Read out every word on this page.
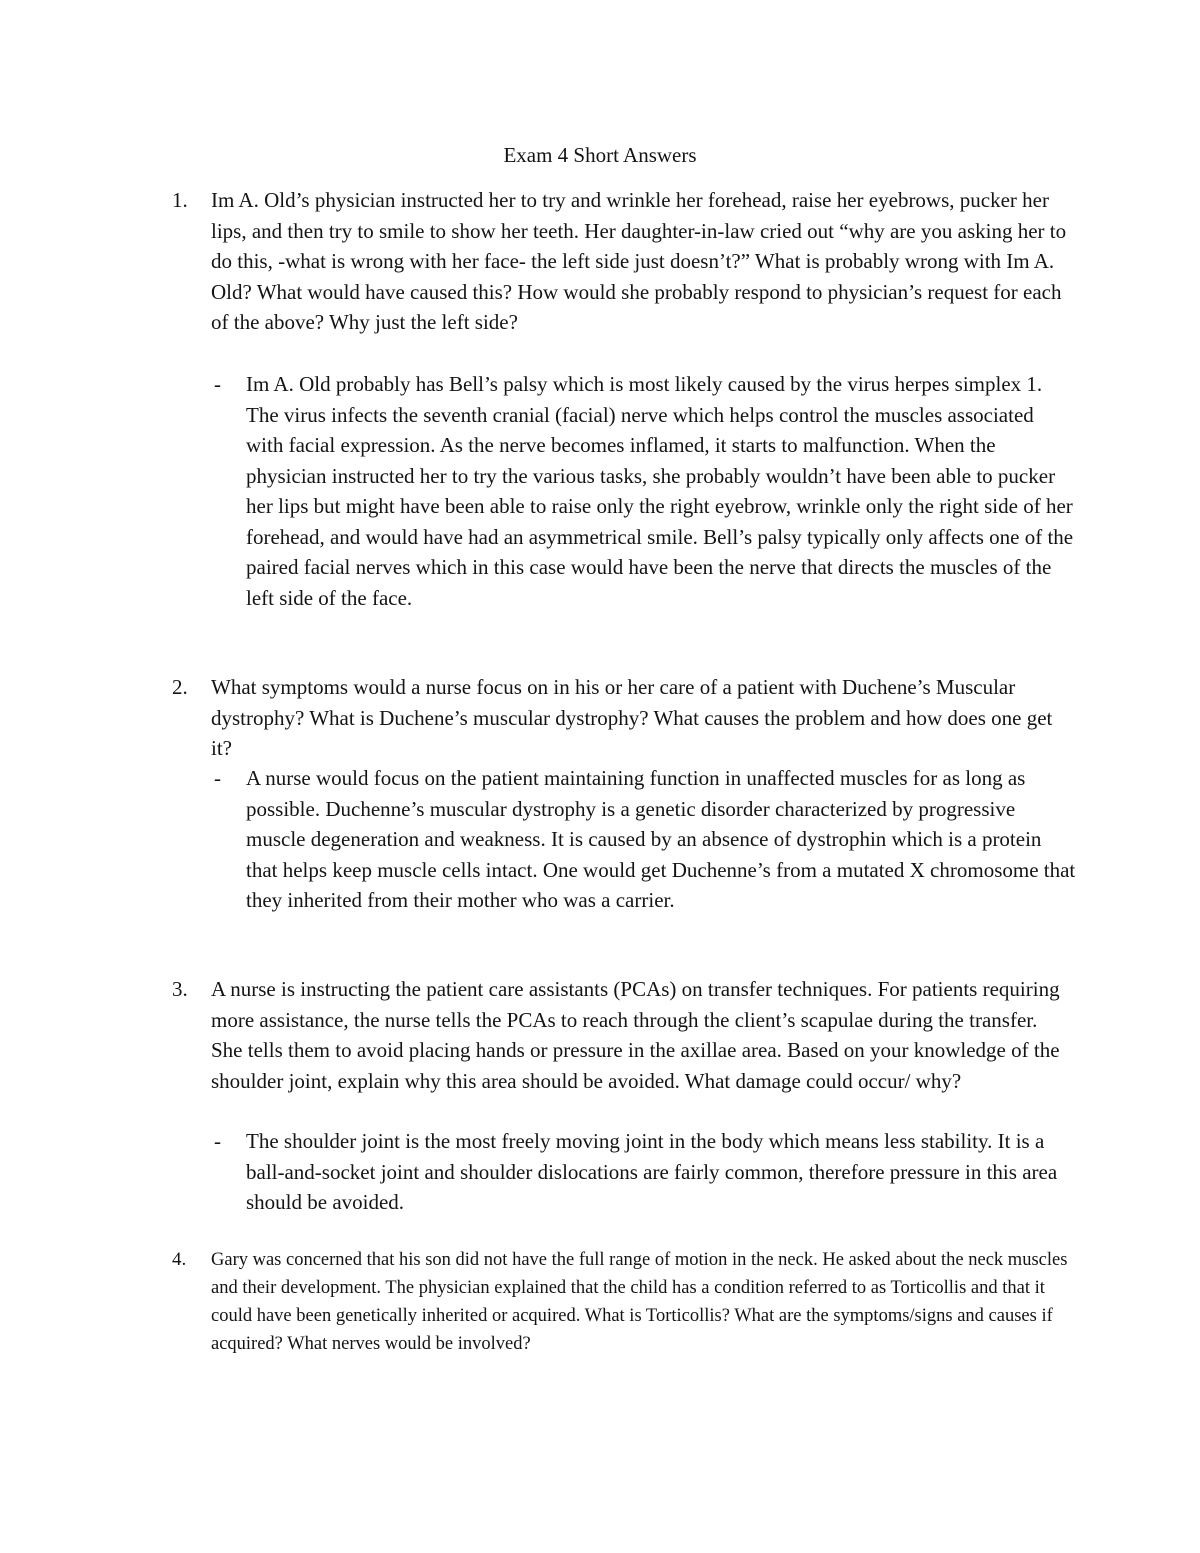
Exam 4 Short Answers
1.	Im A. Old’s physician instructed her to try and wrinkle her forehead, raise her eyebrows, pucker her lips, and then try to smile to show her teeth. Her daughter-in-law cried out “why are you asking her to do this, -what is wrong with her face- the left side just doesn’t?” What is probably wrong with Im A. Old? What would have caused this? How would she probably respond to physician’s request for each of the above? Why just the left side?
-	Im A. Old probably has Bell’s palsy which is most likely caused by the virus herpes simplex 1. The virus infects the seventh cranial (facial) nerve which helps control the muscles associated with facial expression. As the nerve becomes inflamed, it starts to malfunction. When the physician instructed her to try the various tasks, she probably wouldn’t have been able to pucker her lips but might have been able to raise only the right eyebrow, wrinkle only the right side of her forehead, and would have had an asymmetrical smile. Bell’s palsy typically only affects one of the paired facial nerves which in this case would have been the nerve that directs the muscles of the left side of the face.
2.	What symptoms would a nurse focus on in his or her care of a patient with Duchene’s Muscular dystrophy? What is Duchene’s muscular dystrophy? What causes the problem and how does one get it?
-	A nurse would focus on the patient maintaining function in unaffected muscles for as long as possible. Duchenne’s muscular dystrophy is a genetic disorder characterized by progressive muscle degeneration and weakness. It is caused by an absence of dystrophin which is a protein that helps keep muscle cells intact. One would get Duchenne’s from a mutated X chromosome that they inherited from their mother who was a carrier.
3.	A nurse is instructing the patient care assistants (PCAs) on transfer techniques. For patients requiring more assistance, the nurse tells the PCAs to reach through the client’s scapulae during the transfer. She tells them to avoid placing hands or pressure in the axillae area. Based on your knowledge of the shoulder joint, explain why this area should be avoided. What damage could occur/ why?
-	The shoulder joint is the most freely moving joint in the body which means less stability. It is a ball-and-socket joint and shoulder dislocations are fairly common, therefore pressure in this area should be avoided.
4.	Gary was concerned that his son did not have the full range of motion in the neck. He asked about the neck muscles and their development. The physician explained that the child has a condition referred to as Torticollis and that it could have been genetically inherited or acquired. What is Torticollis? What are the symptoms/signs and causes if acquired? What nerves would be involved?
